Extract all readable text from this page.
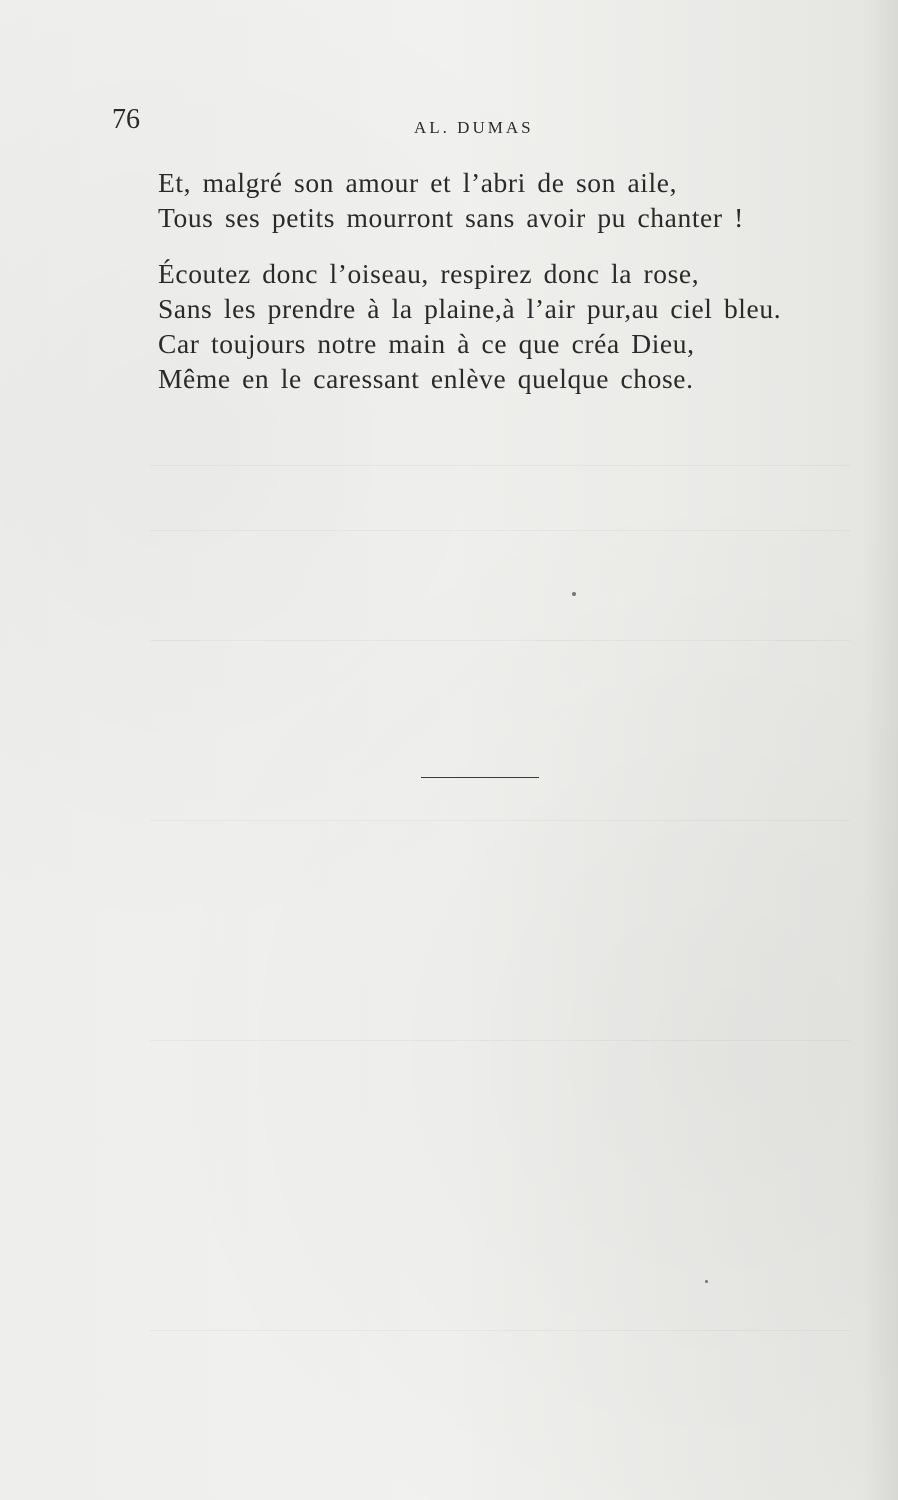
76	AL. DUMAS
Et, malgré son amour et l’abri de son aile,
Tous ses petits mourront sans avoir pu chanter !
Écoutez donc l’oiseau, respirez donc la rose,
Sans les prendre à la plaine,à l’air pur,au ciel bleu.
Car toujours notre main à ce que créa Dieu,
Même en le caressant enlève quelque chose.
